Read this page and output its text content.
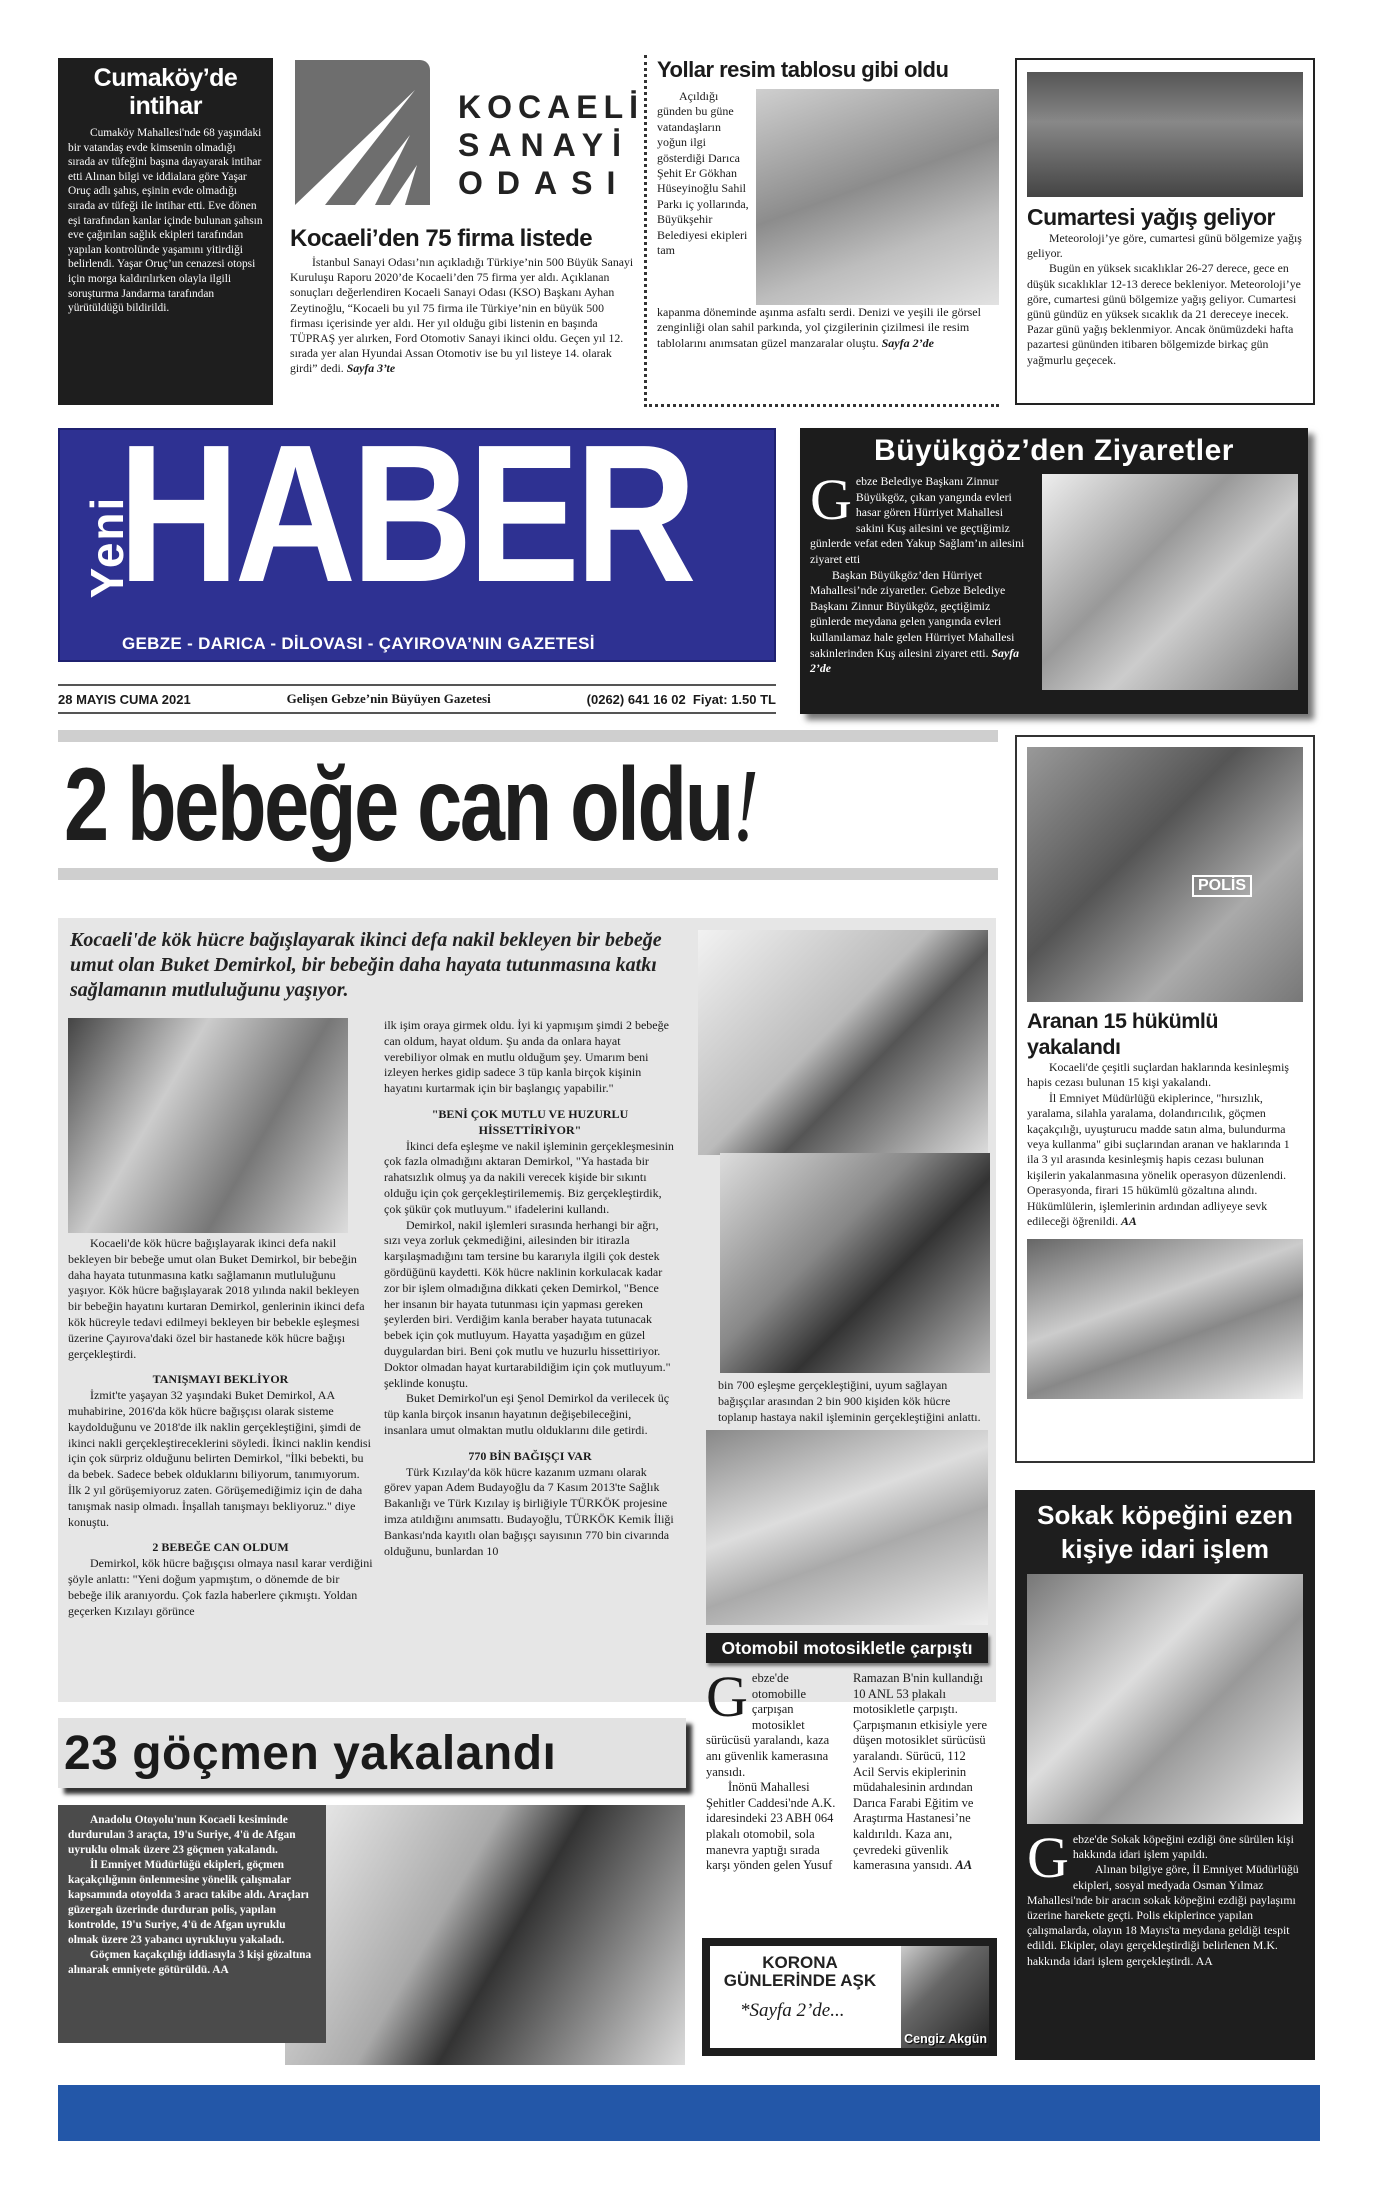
Cumaköy’de intihar

Cumaköy Mahallesi'nde 68 yaşındaki bir vatandaş evde kimsenin olmadığı sırada av tüfeğini başına dayayarak intihar etti Alınan bilgi ve iddialara göre Yaşar Oruç adlı şahıs, eşinin evde olmadığı sırada av tüfeği ile intihar etti. Eve dönen eşi tarafından kanlar içinde bulunan şahsın eve çağırılan sağlık ekipleri tarafından yapılan kontrolünde yaşamını yitirdiği belirlendi. Yaşar Oruç’un cenazesi otopsi için morga kaldırılırken olayla ilgili soruşturma Jandarma tarafından yürütüldüğü bildirildi.

KOCAELİ
SANAYİ
ODASI
Kocaeli’den 75 firma listede

İstanbul Sanayi Odası’nın açıkladığı Türkiye’nin 500 Büyük Sanayi Kuruluşu Raporu 2020’de Kocaeli’den 75 firma yer aldı. Açıklanan sonuçları değerlendiren Kocaeli Sanayi Odası (KSO) Başkanı Ayhan Zeytinoğlu, “Kocaeli bu yıl 75 firma ile Türkiye’nin en büyük 500 firması içerisinde yer aldı. Her yıl olduğu gibi listenin en başında TÜPRAŞ yer alırken, Ford Otomotiv Sanayi ikinci oldu. Geçen yıl 12. sırada yer alan Hyundai Assan Otomotiv ise bu yıl listeye 14. olarak girdi” dedi. Sayfa 3’te

Yollar resim tablosu gibi oldu

Açıldığı günden bu güne vatandaşların yoğun ilgi gösterdiği Darıca Şehit Er Gökhan Hüseyinoğlu Sahil Parkı iç yollarında, Büyükşehir Belediyesi ekipleri tam

kapanma döneminde aşınma asfaltı serdi. Denizi ve yeşili ile görsel zenginliği olan sahil parkında, yol çizgilerinin çizilmesi ile resim tablolarını anımsatan güzel manzaralar oluştu. Sayfa 2’de

Cumartesi yağış geliyor

Meteoroloji’ye göre, cumartesi günü bölgemize yağış geliyor.

Bugün en yüksek sıcaklıklar 26-27 derece, gece en düşük sıcaklıklar 12-13 derece bekleniyor. Meteoroloji’ye göre, cumartesi günü bölgemize yağış geliyor. Cumartesi günü gündüz en yüksek sıcaklık da 21 dereceye inecek. Pazar günü yağış beklenmiyor. Ancak önümüzdeki hafta pazartesi gününden itibaren bölgemizde birkaç gün yağmurlu geçecek.

Yeni
HABER
GEBZE - DARICA - DİLOVASI - ÇAYIROVA’NIN GAZETESİ
28 MAYIS CUMA 2021	Gelişen Gebze’nin Büyüyen Gazetesi	(0262) 641 16 02 Fiyat: 1.50 TL
Büyükgöz’den Ziyaretler

Gebze Belediye Başkanı Zinnur Büyükgöz, çıkan yangında evleri hasar gören Hürriyet Mahallesi sakini Kuş ailesini ve geçtiğimiz günlerde vefat eden Yakup Sağlam’ın ailesini ziyaret etti

Başkan Büyükgöz’den Hürriyet Mahallesi’nde ziyaretler. Gebze Belediye Başkanı Zinnur Büyükgöz, geçtiğimiz günlerde meydana gelen yangında evleri kullanılamaz hale gelen Hürriyet Mahallesi sakinlerinden Kuş ailesini ziyaret etti. Sayfa 2’de

2 bebeğe can oldu!

Kocaeli'de kök hücre bağışlayarak ikinci defa nakil bekleyen bir bebeğe umut olan Buket Demirkol, bir bebeğin daha hayata tutunmasına katkı sağlamanın mutluluğunu yaşıyor.

Kocaeli'de kök hücre bağışlayarak ikinci defa nakil bekleyen bir bebeğe umut olan Buket Demirkol, bir bebeğin daha hayata tutunmasına katkı sağlamanın mutluluğunu yaşıyor. Kök hücre bağışlayarak 2018 yılında nakil bekleyen bir bebeğin hayatını kurtaran Demirkol, genlerinin ikinci defa kök hücreyle tedavi edilmeyi bekleyen bir bebekle eşleşmesi üzerine Çayırova'daki özel bir hastanede kök hücre bağışı gerçekleştirdi.

TANIŞMAYI BEKLİYOR

İzmit'te yaşayan 32 yaşındaki Buket Demirkol, AA muhabirine, 2016'da kök hücre bağışçısı olarak sisteme kaydolduğunu ve 2018'de ilk naklin gerçekleştiğini, şimdi de ikinci nakli gerçekleştireceklerini söyledi. İkinci naklin kendisi için çok sürpriz olduğunu belirten Demirkol, "İlki bebekti, bu da bebek. Sadece bebek olduklarını biliyorum, tanımıyorum. İlk 2 yıl görüşemiyoruz zaten. Görüşemediğimiz için de daha tanışmak nasip olmadı. İnşallah tanışmayı bekliyoruz." diye konuştu.

2 BEBEĞE CAN OLDUM

Demirkol, kök hücre bağışçısı olmaya nasıl karar verdiğini şöyle anlattı: "Yeni doğum yapmıştım, o dönemde de bir bebeğe ilik aranıyordu. Çok fazla haberlere çıkmıştı. Yoldan geçerken Kızılayı görünce

ilk işim oraya girmek oldu. İyi ki yapmışım şimdi 2 bebeğe can oldum, hayat oldum. Şu anda da onlara hayat verebiliyor olmak en mutlu olduğum şey. Umarım beni izleyen herkes gidip sadece 3 tüp kanla birçok kişinin hayatını kurtarmak için bir başlangıç yapabilir."

"BENİ ÇOK MUTLU VE HUZURLU HİSSETTİRİYOR"

İkinci defa eşleşme ve nakil işleminin gerçekleşmesinin çok fazla olmadığını aktaran Demirkol, "Ya hastada bir rahatsızlık olmuş ya da nakili verecek kişide bir sıkıntı olduğu için çok gerçekleştirilememiş. Biz gerçekleştirdik, çok şükür çok mutluyum." ifadelerini kullandı.

Demirkol, nakil işlemleri sırasında herhangi bir ağrı, sızı veya zorluk çekmediğini, ailesinden bir itirazla karşılaşmadığını tam tersine bu kararıyla ilgili çok destek gördüğünü kaydetti. Kök hücre naklinin korkulacak kadar zor bir işlem olmadığına dikkati çeken Demirkol, "Bence her insanın bir hayata tutunması için yapması gereken şeylerden biri. Verdiğim kanla beraber hayata tutunacak bebek için çok mutluyum. Hayatta yaşadığım en güzel duygulardan biri. Beni çok mutlu ve huzurlu hissettiriyor. Doktor olmadan hayat kurtarabildiğim için çok mutluyum." şeklinde konuştu.

Buket Demirkol'un eşi Şenol Demirkol da verilecek üç tüp kanla birçok insanın hayatının değişebileceğini, insanlara umut olmaktan mutlu olduklarını dile getirdi.

770 BİN BAĞIŞÇI VAR

Türk Kızılay'da kök hücre kazanım uzmanı olarak görev yapan Adem Budayoğlu da 7 Kasım 2013'te Sağlık Bakanlığı ve Türk Kızılay iş birliğiyle TÜRKÖK projesine imza atıldığını anımsattı. Budayoğlu, TÜRKÖK Kemik İliği Bankası'nda kayıtlı olan bağışçı sayısının 770 bin civarında olduğunu, bunlardan 10

bin 700 eşleşme gerçekleştiğini, uyum sağlayan bağışçılar arasından 2 bin 900 kişiden kök hücre toplanıp hastaya nakil işleminin gerçekleştiğini anlattı.

POLİS
Aranan 15 hükümlü yakalandı

Kocaeli'de çeşitli suçlardan haklarında kesinleşmiş hapis cezası bulunan 15 kişi yakalandı.

İl Emniyet Müdürlüğü ekiplerince, "hırsızlık, yaralama, silahla yaralama, dolandırıcılık, göçmen kaçakçılığı, uyuşturucu madde satın alma, bulundurma veya kullanma" gibi suçlarından aranan ve haklarında 1 ila 3 yıl arasında kesinleşmiş hapis cezası bulunan kişilerin yakalanmasına yönelik operasyon düzenlendi. Operasyonda, firari 15 hükümlü gözaltına alındı. Hükümlülerin, işlemlerinin ardından adliyeye sevk edileceği öğrenildi. AA

Otomobil motosikletle çarpıştı

Gebze'de otomobille çarpışan motosiklet sürücüsü yaralandı, kaza anı güvenlik kamerasına yansıdı.

İnönü Mahallesi Şehitler Caddesi'nde A.K. idaresindeki 23 ABH 064 plakalı otomobil, sola manevra yaptığı sırada karşı yönden gelen Yusuf Ramazan B'nin kullandığı 10 ANL 53 plakalı motosikletle çarpıştı. Çarpışmanın etkisiyle yere düşen motosiklet sürücüsü yaralandı. Sürücü, 112 Acil Servis ekiplerinin müdahalesinin ardından Darıca Farabi Eğitim ve Araştırma Hastanesi’ne kaldırıldı. Kaza anı, çevredeki güvenlik kamerasına yansıdı. AA

KORONA
GÜNLERİNDE AŞK
*Sayfa 2’de...
Cengiz Akgün
23 göçmen yakalandı

Anadolu Otoyolu'nun Kocaeli kesiminde durdurulan 3 araçta, 19'u Suriye, 4'ü de Afgan uyruklu olmak üzere 23 göçmen yakalandı.

İl Emniyet Müdürlüğü ekipleri, göçmen kaçakçılığının önlenmesine yönelik çalışmalar kapsamında otoyolda 3 aracı takibe aldı. Araçları güzergah üzerinde durduran polis, yapılan kontrolde, 19'u Suriye, 4'ü de Afgan uyruklu olmak üzere 23 yabancı uyrukluyu yakaladı.

Göçmen kaçakçılığı iddiasıyla 3 kişi gözaltına alınarak emniyete götürüldü. AA

Sokak köpeğini ezen kişiye idari işlem

Gebze'de Sokak köpeğini ezdiği öne sürülen kişi hakkında idari işlem yapıldı.

Alınan bilgiye göre, İl Emniyet Müdürlüğü ekipleri, sosyal medyada Osman Yılmaz Mahallesi'nde bir aracın sokak köpeğini ezdiği paylaşımı üzerine harekete geçti. Polis ekiplerince yapılan çalışmalarda, olayın 18 Mayıs'ta meydana geldiği tespit edildi. Ekipler, olayı gerçekleştirdiği belirlenen M.K. hakkında idari işlem gerçekleştirdi. AA
